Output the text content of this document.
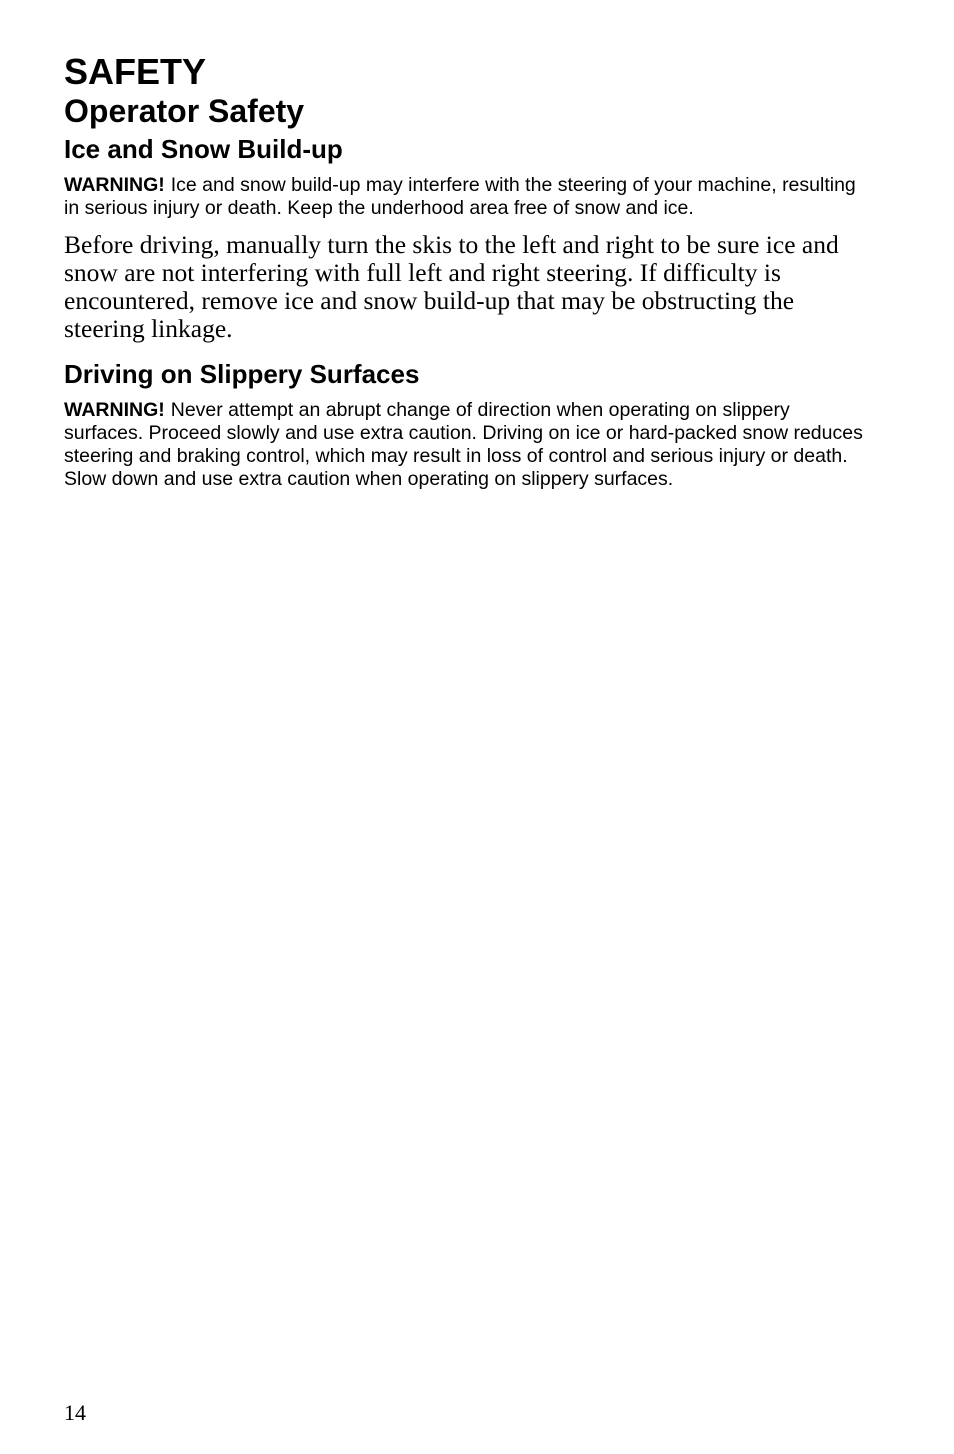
SAFETY
Operator Safety
Ice and Snow Build-up

WARNING! Ice and snow build-up may interfere with the steering of your machine, resulting in serious injury or death. Keep the underhood area free of snow and ice.

Before driving, manually turn the skis to the left and right to be sure ice and snow are not interfering with full left and right steering. If difficulty is encountered, remove ice and snow build-up that may be obstructing the steering linkage.

Driving on Slippery Surfaces

WARNING! Never attempt an abrupt change of direction when operating on slippery surfaces. Proceed slowly and use extra caution. Driving on ice or hard-packed snow reduces steering and braking control, which may result in loss of control and serious injury or death. Slow down and use extra caution when operating on slippery surfaces.

14
